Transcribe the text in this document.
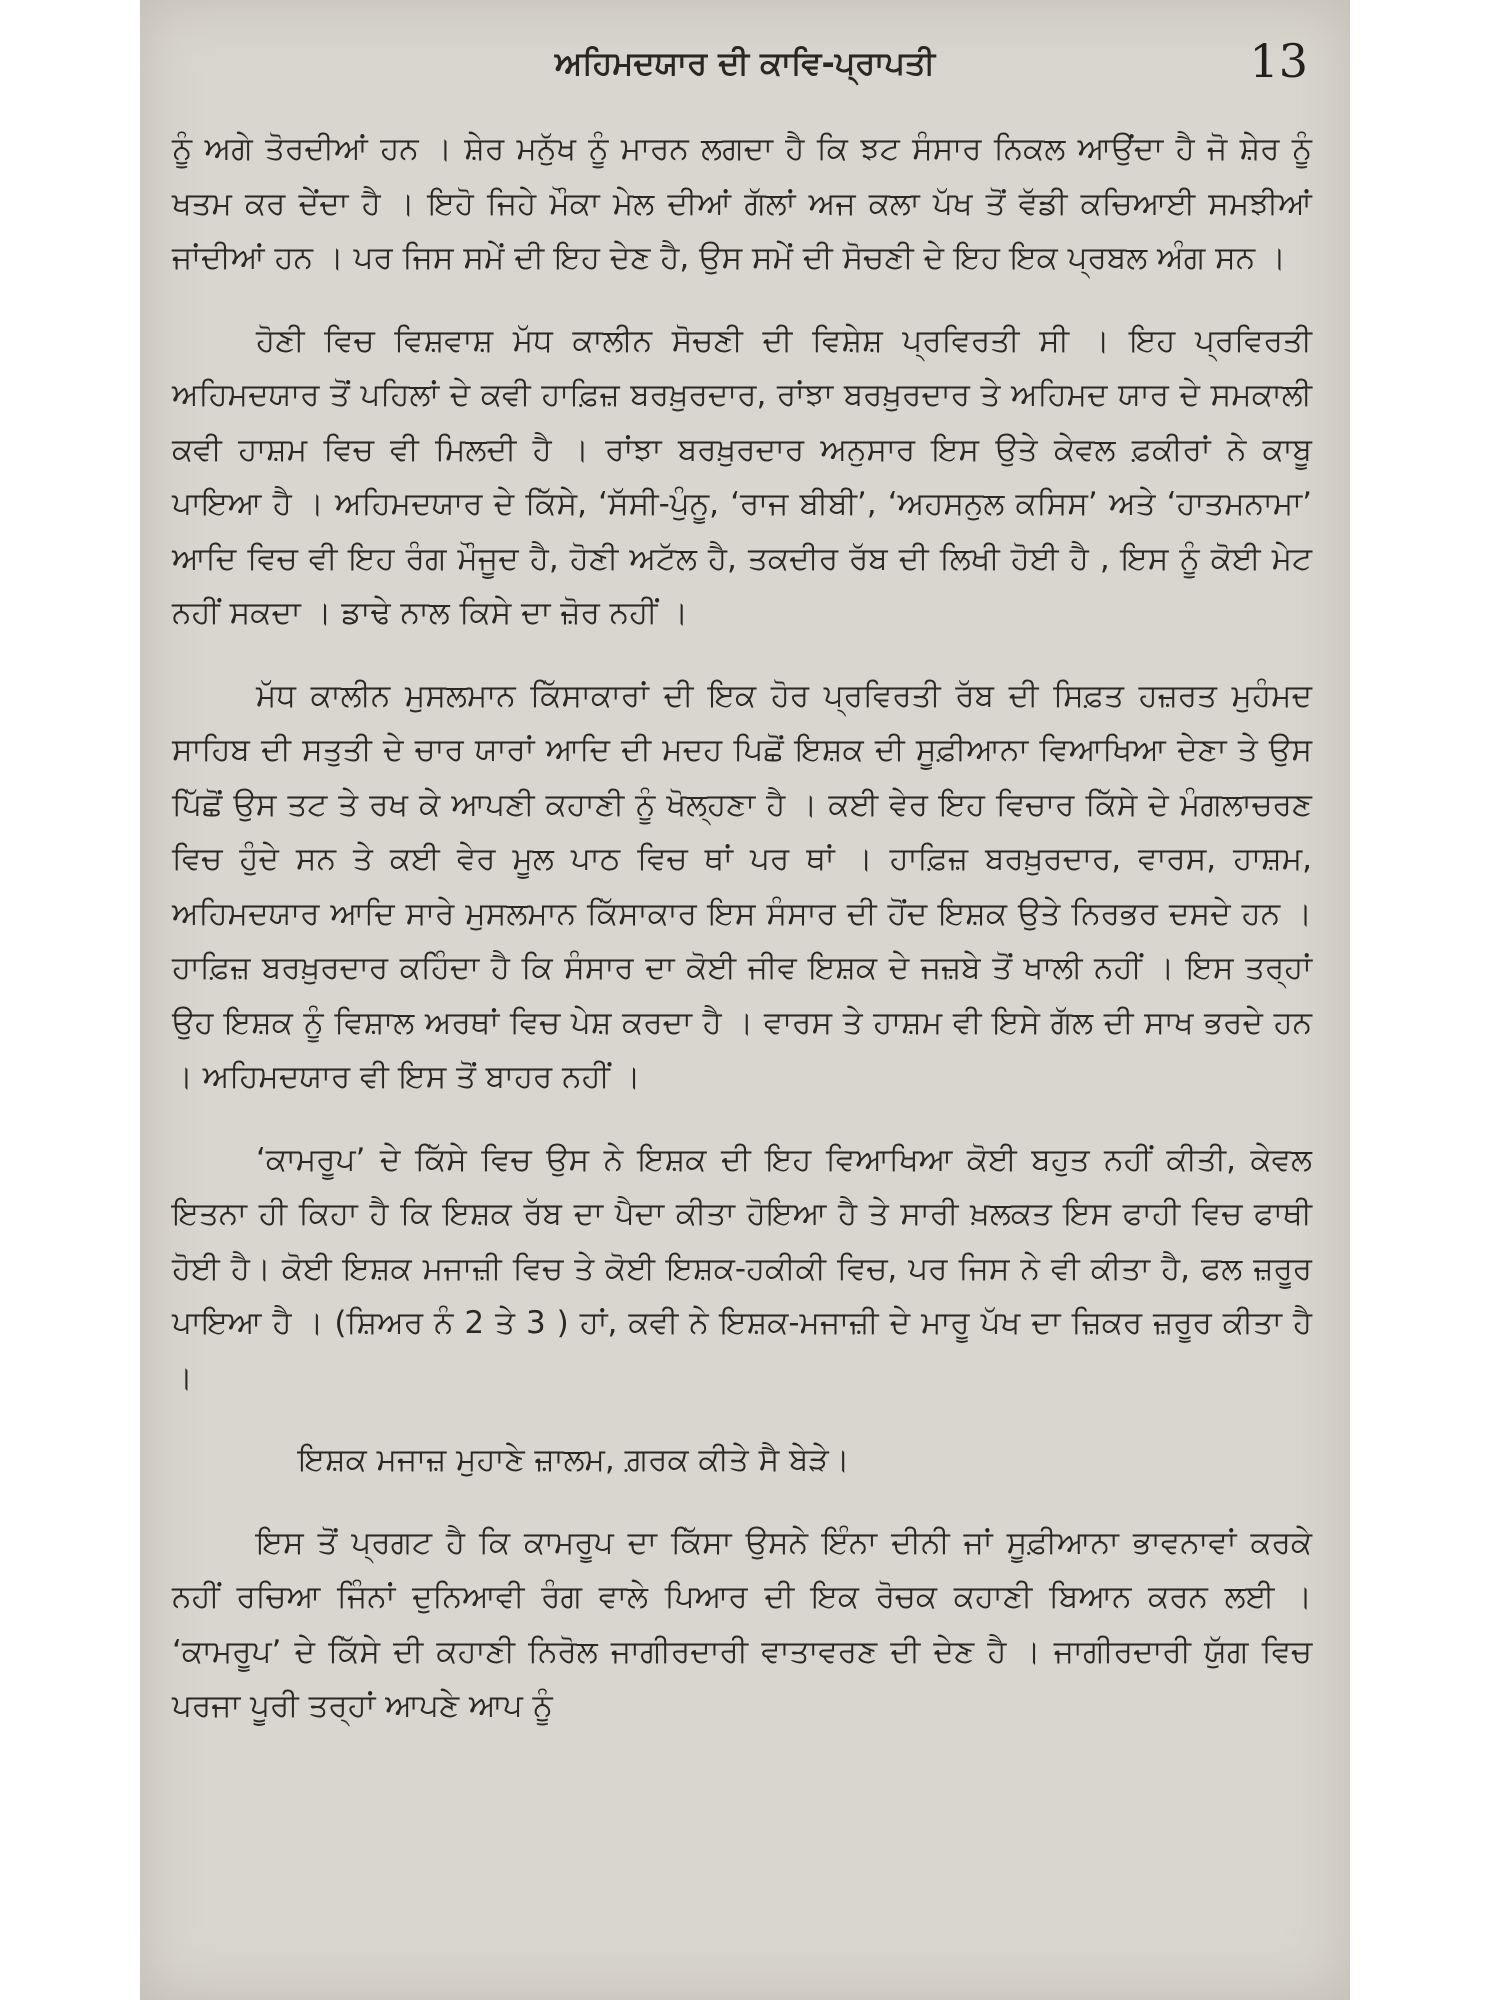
ਅਹਿਮਦਯਾਰ ਦੀ ਕਾਵਿ-ਪ੍ਰਾਪਤੀ	13

ਨੂੰ ਅਗੇ ਤੋਰਦੀਆਂ ਹਨ । ਸ਼ੇਰ ਮਨੁੱਖ ਨੂੰ ਮਾਰਨ ਲਗਦਾ ਹੈ ਕਿ ਝਟ ਸੰਸਾਰ ਨਿਕਲ ਆਉਂਦਾ ਹੈ ਜੋ ਸ਼ੇਰ ਨੂੰ ਖਤਮ ਕਰ ਦੇਂਦਾ ਹੈ । ਇਹੋ ਜਿਹੇ ਮੌਕਾ ਮੇਲ ਦੀਆਂ ਗੱਲਾਂ ਅਜ ਕਲਾ ਪੱਖ ਤੋਂ ਵੱਡੀ ਕਚਿਆਈ ਸਮਝੀਆਂ ਜਾਂਦੀਆਂ ਹਨ । ਪਰ ਜਿਸ ਸਮੇਂ ਦੀ ਇਹ ਦੇਣ ਹੈ, ਉਸ ਸਮੇਂ ਦੀ ਸੋਚਣੀ ਦੇ ਇਹ ਇਕ ਪ੍ਰਬਲ ਅੰਗ ਸਨ ।

ਹੋਣੀ ਵਿਚ ਵਿਸ਼ਵਾਸ਼ ਮੱਧ ਕਾਲੀਨ ਸੋਚਣੀ ਦੀ ਵਿਸ਼ੇਸ਼ ਪ੍ਰਵਿਰਤੀ ਸੀ । ਇਹ ਪ੍ਰਵਿਰਤੀ ਅਹਿਮਦਯਾਰ ਤੋਂ ਪਹਿਲਾਂ ਦੇ ਕਵੀ ਹਾਫ਼ਿਜ਼ ਬਰਖ਼ੁਰਦਾਰ, ਰਾਂਝਾ ਬਰਖ਼ੁਰਦਾਰ ਤੇ ਅਹਿਮਦ ਯਾਰ ਦੇ ਸਮਕਾਲੀ ਕਵੀ ਹਾਸ਼ਮ ਵਿਚ ਵੀ ਮਿਲਦੀ ਹੈ । ਰਾਂਝਾ ਬਰਖ਼ੁਰਦਾਰ ਅਨੁਸਾਰ ਇਸ ਉਤੇ ਕੇਵਲ ਫ਼ਕੀਰਾਂ ਨੇ ਕਾਬੂ ਪਾਇਆ ਹੈ । ਅਹਿਮਦਯਾਰ ਦੇ ਕਿੱਸੇ, ‘ਸੱਸੀ-ਪੁੰਨੂ, ‘ਰਾਜ ਬੀਬੀ’, ‘ਅਹਸਨੁਲ ਕਸਿਸ’ ਅਤੇ ‘ਹਾਤਮਨਾਮਾ’ ਆਦਿ ਵਿਚ ਵੀ ਇਹ ਰੰਗ ਮੌਜੂਦ ਹੈ, ਹੋਣੀ ਅਟੱਲ ਹੈ, ਤਕਦੀਰ ਰੱਬ ਦੀ ਲਿਖੀ ਹੋਈ ਹੈ , ਇਸ ਨੂੰ ਕੋਈ ਮੇਟ ਨਹੀਂ ਸਕਦਾ । ਡਾਢੇ ਨਾਲ ਕਿਸੇ ਦਾ ਜ਼ੋਰ ਨਹੀਂ ।

ਮੱਧ ਕਾਲੀਨ ਮੁਸਲਮਾਨ ਕਿੱਸਾਕਾਰਾਂ ਦੀ ਇਕ ਹੋਰ ਪ੍ਰਵਿਰਤੀ ਰੱਬ ਦੀ ਸਿਫ਼ਤ ਹਜ਼ਰਤ ਮੁਹੰਮਦ ਸਾਹਿਬ ਦੀ ਸਤੁਤੀ ਦੇ ਚਾਰ ਯਾਰਾਂ ਆਦਿ ਦੀ ਮਦਹ ਪਿਛੋਂ ਇਸ਼ਕ ਦੀ ਸੂਫ਼ੀਆਨਾ ਵਿਆਖਿਆ ਦੇਣਾ ਤੇ ਉਸ ਪਿੱਛੋਂ ਉਸ ਤਟ ਤੇ ਰਖ ਕੇ ਆਪਣੀ ਕਹਾਣੀ ਨੂੰ ਖੋਲ੍ਹਣਾ ਹੈ । ਕਈ ਵੇਰ ਇਹ ਵਿਚਾਰ ਕਿੱਸੇ ਦੇ ਮੰਗਲਾਚਰਣ ਵਿਚ ਹੁੰਦੇ ਸਨ ਤੇ ਕਈ ਵੇਰ ਮੂਲ ਪਾਠ ਵਿਚ ਥਾਂ ਪਰ ਥਾਂ । ਹਾਫ਼ਿਜ਼ ਬਰਖ਼ੁਰਦਾਰ, ਵਾਰਸ, ਹਾਸ਼ਮ, ਅਹਿਮਦਯਾਰ ਆਦਿ ਸਾਰੇ ਮੁਸਲਮਾਨ ਕਿੱਸਾਕਾਰ ਇਸ ਸੰਸਾਰ ਦੀ ਹੋਂਦ ਇਸ਼ਕ ਉਤੇ ਨਿਰਭਰ ਦਸਦੇ ਹਨ । ਹਾਫ਼ਿਜ਼ ਬਰਖ਼ੁਰਦਾਰ ਕਹਿੰਦਾ ਹੈ ਕਿ ਸੰਸਾਰ ਦਾ ਕੋਈ ਜੀਵ ਇਸ਼ਕ ਦੇ ਜਜ਼ਬੇ ਤੋਂ ਖਾਲੀ ਨਹੀਂ । ਇਸ ਤਰ੍ਹਾਂ ਉਹ ਇਸ਼ਕ ਨੂੰ ਵਿਸ਼ਾਲ ਅਰਥਾਂ ਵਿਚ ਪੇਸ਼ ਕਰਦਾ ਹੈ । ਵਾਰਸ ਤੇ ਹਾਸ਼ਮ ਵੀ ਇਸੇ ਗੱਲ ਦੀ ਸਾਖ ਭਰਦੇ ਹਨ । ਅਹਿਮਦਯਾਰ ਵੀ ਇਸ ਤੋਂ ਬਾਹਰ ਨਹੀਂ ।

‘ਕਾਮਰੂਪ’ ਦੇ ਕਿੱਸੇ ਵਿਚ ਉਸ ਨੇ ਇਸ਼ਕ ਦੀ ਇਹ ਵਿਆਖਿਆ ਕੋਈ ਬਹੁਤ ਨਹੀਂ ਕੀਤੀ, ਕੇਵਲ ਇਤਨਾ ਹੀ ਕਿਹਾ ਹੈ ਕਿ ਇਸ਼ਕ ਰੱਬ ਦਾ ਪੈਦਾ ਕੀਤਾ ਹੋਇਆ ਹੈ ਤੇ ਸਾਰੀ ਖ਼ਲਕਤ ਇਸ ਫਾਹੀ ਵਿਚ ਫਾਥੀ ਹੋਈ ਹੈ। ਕੋਈ ਇਸ਼ਕ ਮਜਾਜ਼ੀ ਵਿਚ ਤੇ ਕੋਈ ਇਸ਼ਕ-ਹਕੀਕੀ ਵਿਚ, ਪਰ ਜਿਸ ਨੇ ਵੀ ਕੀਤਾ ਹੈ, ਫਲ ਜ਼ਰੂਰ ਪਾਇਆ ਹੈ । (ਸ਼ਿਅਰ ਨੰ 2 ਤੇ 3 ) ਹਾਂ, ਕਵੀ ਨੇ ਇਸ਼ਕ-ਮਜਾਜ਼ੀ ਦੇ ਮਾਰੂ ਪੱਖ ਦਾ ਜ਼ਿਕਰ ਜ਼ਰੂਰ ਕੀਤਾ ਹੈ ।

ਇਸ਼ਕ ਮਜਾਜ਼ ਮੁਹਾਣੇ ਜ਼ਾਲਮ, ਗ਼ਰਕ ਕੀਤੇ ਸੈ ਬੇੜੇ।

ਇਸ ਤੋਂ ਪ੍ਰਗਟ ਹੈ ਕਿ ਕਾਮਰੂਪ ਦਾ ਕਿੱਸਾ ਉਸਨੇ ਇੰਨਾ ਦੀਨੀ ਜਾਂ ਸੂਫ਼ੀਆਨਾ ਭਾਵਨਾਵਾਂ ਕਰਕੇ ਨਹੀਂ ਰਚਿਆ ਜਿੰਨਾਂ ਦੁਨਿਆਵੀ ਰੰਗ ਵਾਲੇ ਪਿਆਰ ਦੀ ਇਕ ਰੋਚਕ ਕਹਾਣੀ ਬਿਆਨ ਕਰਨ ਲਈ । ‘ਕਾਮਰੂਪ’ ਦੇ ਕਿੱਸੇ ਦੀ ਕਹਾਣੀ ਨਿਰੋਲ ਜਾਗੀਰਦਾਰੀ ਵਾਤਾਵਰਣ ਦੀ ਦੇਣ ਹੈ । ਜਾਗੀਰਦਾਰੀ ਯੁੱਗ ਵਿਚ ਪਰਜਾ ਪੂਰੀ ਤਰ੍ਹਾਂ ਆਪਣੇ ਆਪ ਨੂੰ
